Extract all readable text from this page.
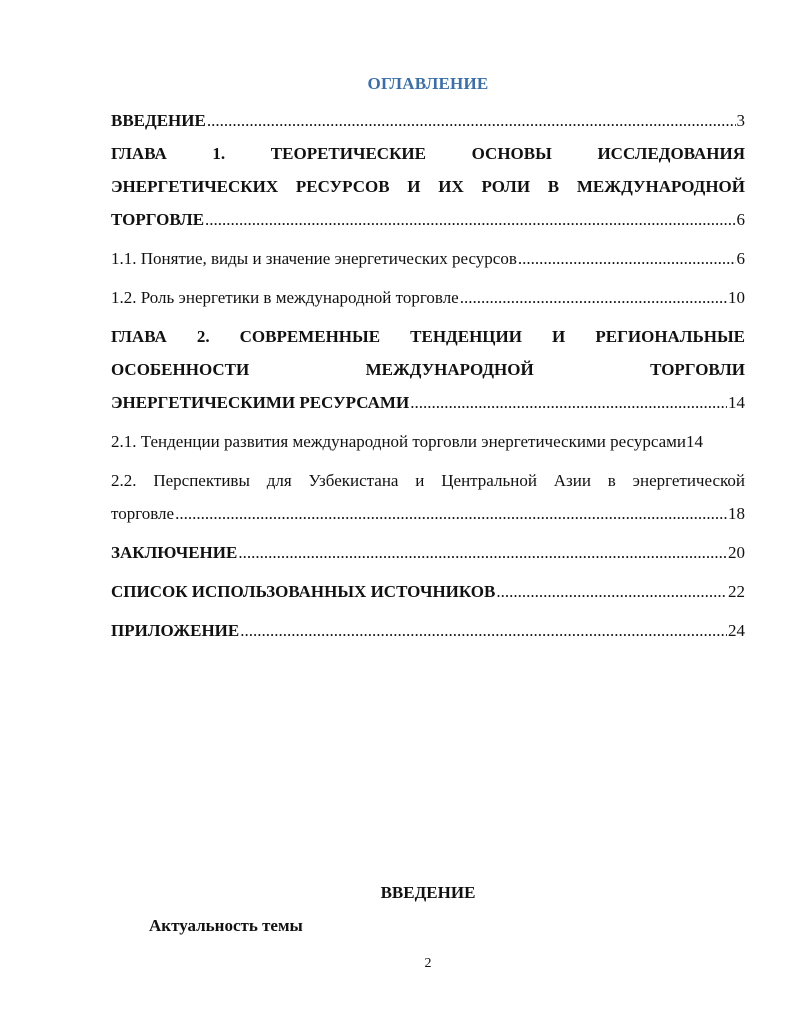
ОГЛАВЛЕНИЕ
ВВЕДЕНИЕ .....	3
ГЛАВА 1. ТЕОРЕТИЧЕСКИЕ ОСНОВЫ ИССЛЕДОВАНИЯ
ЭНЕРГЕТИЧЕСКИХ РЕСУРСОВ И ИХ РОЛИ В МЕЖДУНАРОДНОЙ
ТОРГОВЛЕ .....	6
1.1. Понятие, виды и значение энергетических ресурсов .....	6
1.2. Роль энергетики в международной торговле .....	10
ГЛАВА 2. СОВРЕМЕННЫЕ ТЕНДЕНЦИИ И РЕГИОНАЛЬНЫЕ
ОСОБЕННОСТИ МЕЖДУНАРОДНОЙ ТОРГОВЛИ
ЭНЕРГЕТИЧЕСКИМИ РЕСУРСАМИ .....	14
2.1. Тенденции развития международной торговли энергетическими ресурсами 14
2.2. Перспективы для Узбекистана и Центральной Азии в энергетической
торговле .....	18
ЗАКЛЮЧЕНИЕ .....	20
СПИСОК ИСПОЛЬЗОВАННЫХ ИСТОЧНИКОВ .....	22
ПРИЛОЖЕНИЕ .....	24
ВВЕДЕНИЕ
Актуальность темы
2
